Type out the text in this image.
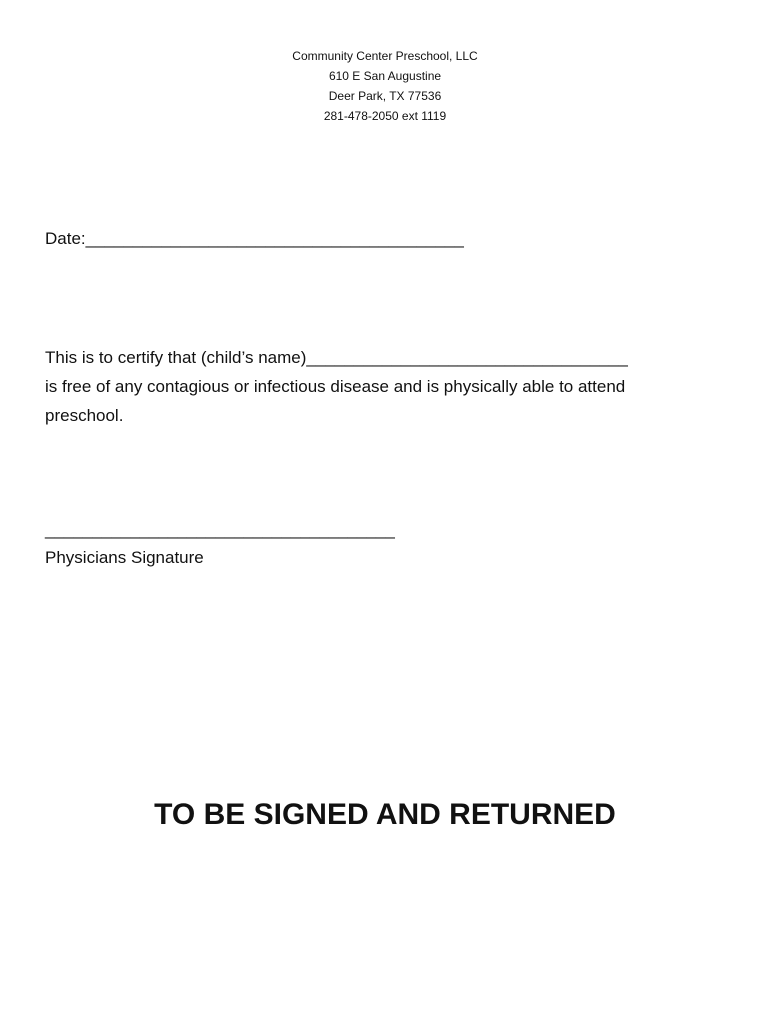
Community Center Preschool, LLC
610 E San Augustine
Deer Park, TX 77536
281-478-2050 ext 1119
Date:________________________________________
This is to certify that (child’s name)__________________________________
is free of any contagious or infectious disease and is physically able to attend
preschool.
_____________________________________
Physicians Signature
TO BE SIGNED AND RETURNED
